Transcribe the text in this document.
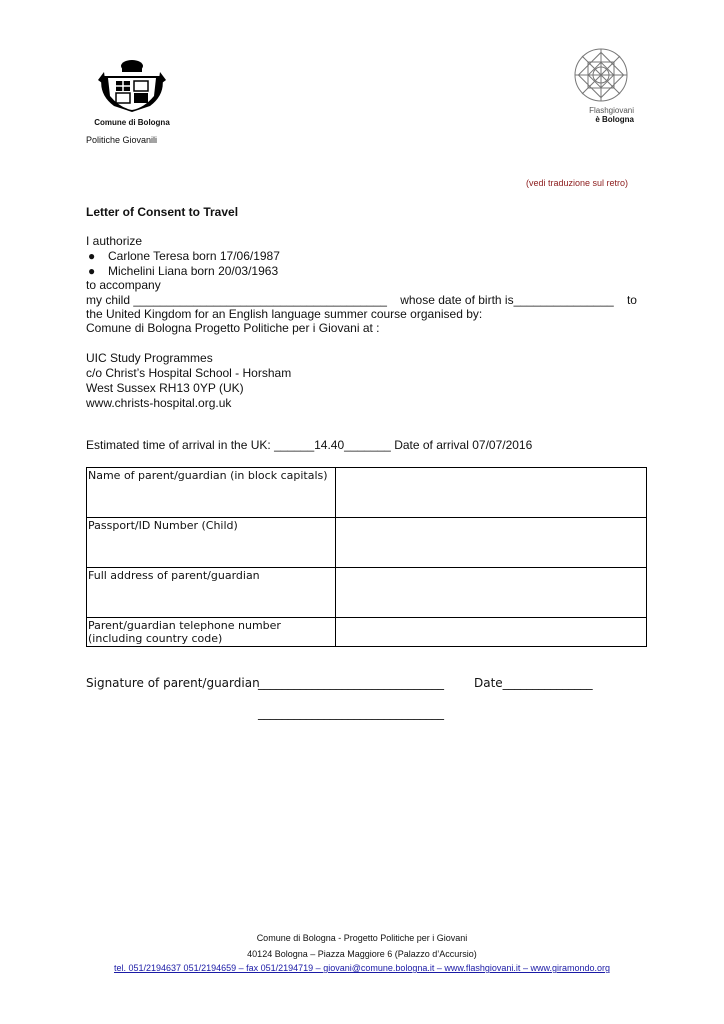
Comune di Bologna
Politiche Giovanili
Flashgiovani
è Bologna
(vedi traduzione sul retro)
Letter of Consent to Travel
I authorize
● Carlone Teresa born 17/06/1987
● Michelini Liana born 20/03/1963
to accompany
my child ______________________________________ whose date of birth is_______________ to
the United Kingdom for an English language summer course organised by:
Comune di Bologna Progetto Politiche per i Giovani at :
UIC Study Programmes
c/o Christ’s Hospital School - Horsham
West Sussex RH13 0YP (UK)
www.christs-hospital.org.uk
Estimated time of arrival in the UK: ______14.40_______ Date of arrival 07/07/2016
Name of parent/guardian (in block capitals)	
Passport/ID Number (Child)	
Full address of parent/guardian	
Parent/guardian telephone number (including country code)	
Signature of parent/guardian
_______________________________	Date_______________
_______________________________
Comune di Bologna - Progetto Politiche per i Giovani
40124 Bologna – Piazza Maggiore 6 (Palazzo d’Accursio)
tel. 051/2194637 051/2194659 – fax 051/2194719 – giovani@comune.bologna.it – www.flashgiovani.it – www.giramondo.org
